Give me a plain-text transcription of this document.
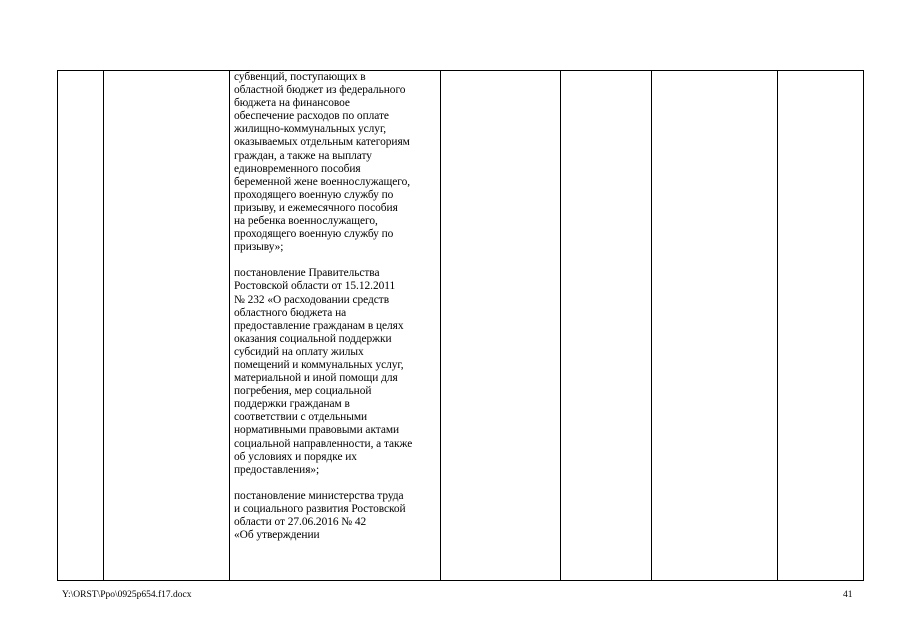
субвенций, поступающих в
областной бюджет из федерального
бюджета на финансовое
обеспечение расходов по оплате
жилищно-коммунальных услуг,
оказываемых отдельным категориям
граждан, а также на выплату
единовременного пособия
беременной жене военнослужащего,
проходящего военную службу по
призыву, и ежемесячного пособия
на ребенка военнослужащего,
проходящего военную службу по
призыву»;
постановление Правительства
Ростовской области от 15.12.2011
№ 232 «О расходовании средств
областного бюджета на
предоставление гражданам в целях
оказания социальной поддержки
субсидий на оплату жилых
помещений и коммунальных услуг,
материальной и иной помощи для
погребения, мер социальной
поддержки гражданам в
соответствии с отдельными
нормативными правовыми актами
социальной направленности, а также
об условиях и порядке их
предоставления»;
постановление министерства труда
и социального развития Ростовской
области от 27.06.2016 № 42
«Об утверждении

Y:\ORST\Ppo\0925p654.f17.docx	41
